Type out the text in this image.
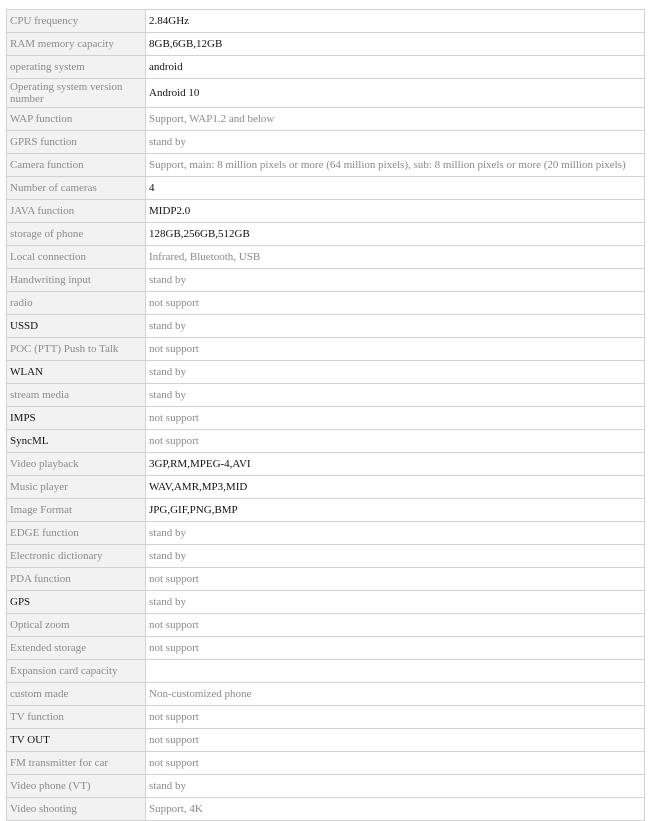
CPU frequency	2.84GHz
RAM memory capacity	8GB,6GB,12GB
operating system	android
Operating system version number	Android 10
WAP function	Support, WAP1.2 and below
GPRS function	stand by
Camera function	Support, main: 8 million pixels or more (64 million pixels), sub: 8 million pixels or more (20 million pixels)
Number of cameras	4
JAVA function	MIDP2.0
storage of phone	128GB,256GB,512GB
Local connection	Infrared, Bluetooth, USB
Handwriting input	stand by
radio	not support
USSD	stand by
POC (PTT) Push to Talk	not support
WLAN	stand by
stream media	stand by
IMPS	not support
SyncML	not support
Video playback	3GP,RM,MPEG-4,AVI
Music player	WAV,AMR,MP3,MID
Image Format	JPG,GIF,PNG,BMP
EDGE function	stand by
Electronic dictionary	stand by
PDA function	not support
GPS	stand by
Optical zoom	not support
Extended storage	not support
Expansion card capacity	
custom made	Non-customized phone
TV function	not support
TV OUT	not support
FM transmitter for car	not support
Video phone (VT)	stand by
Video shooting	Support, 4K
